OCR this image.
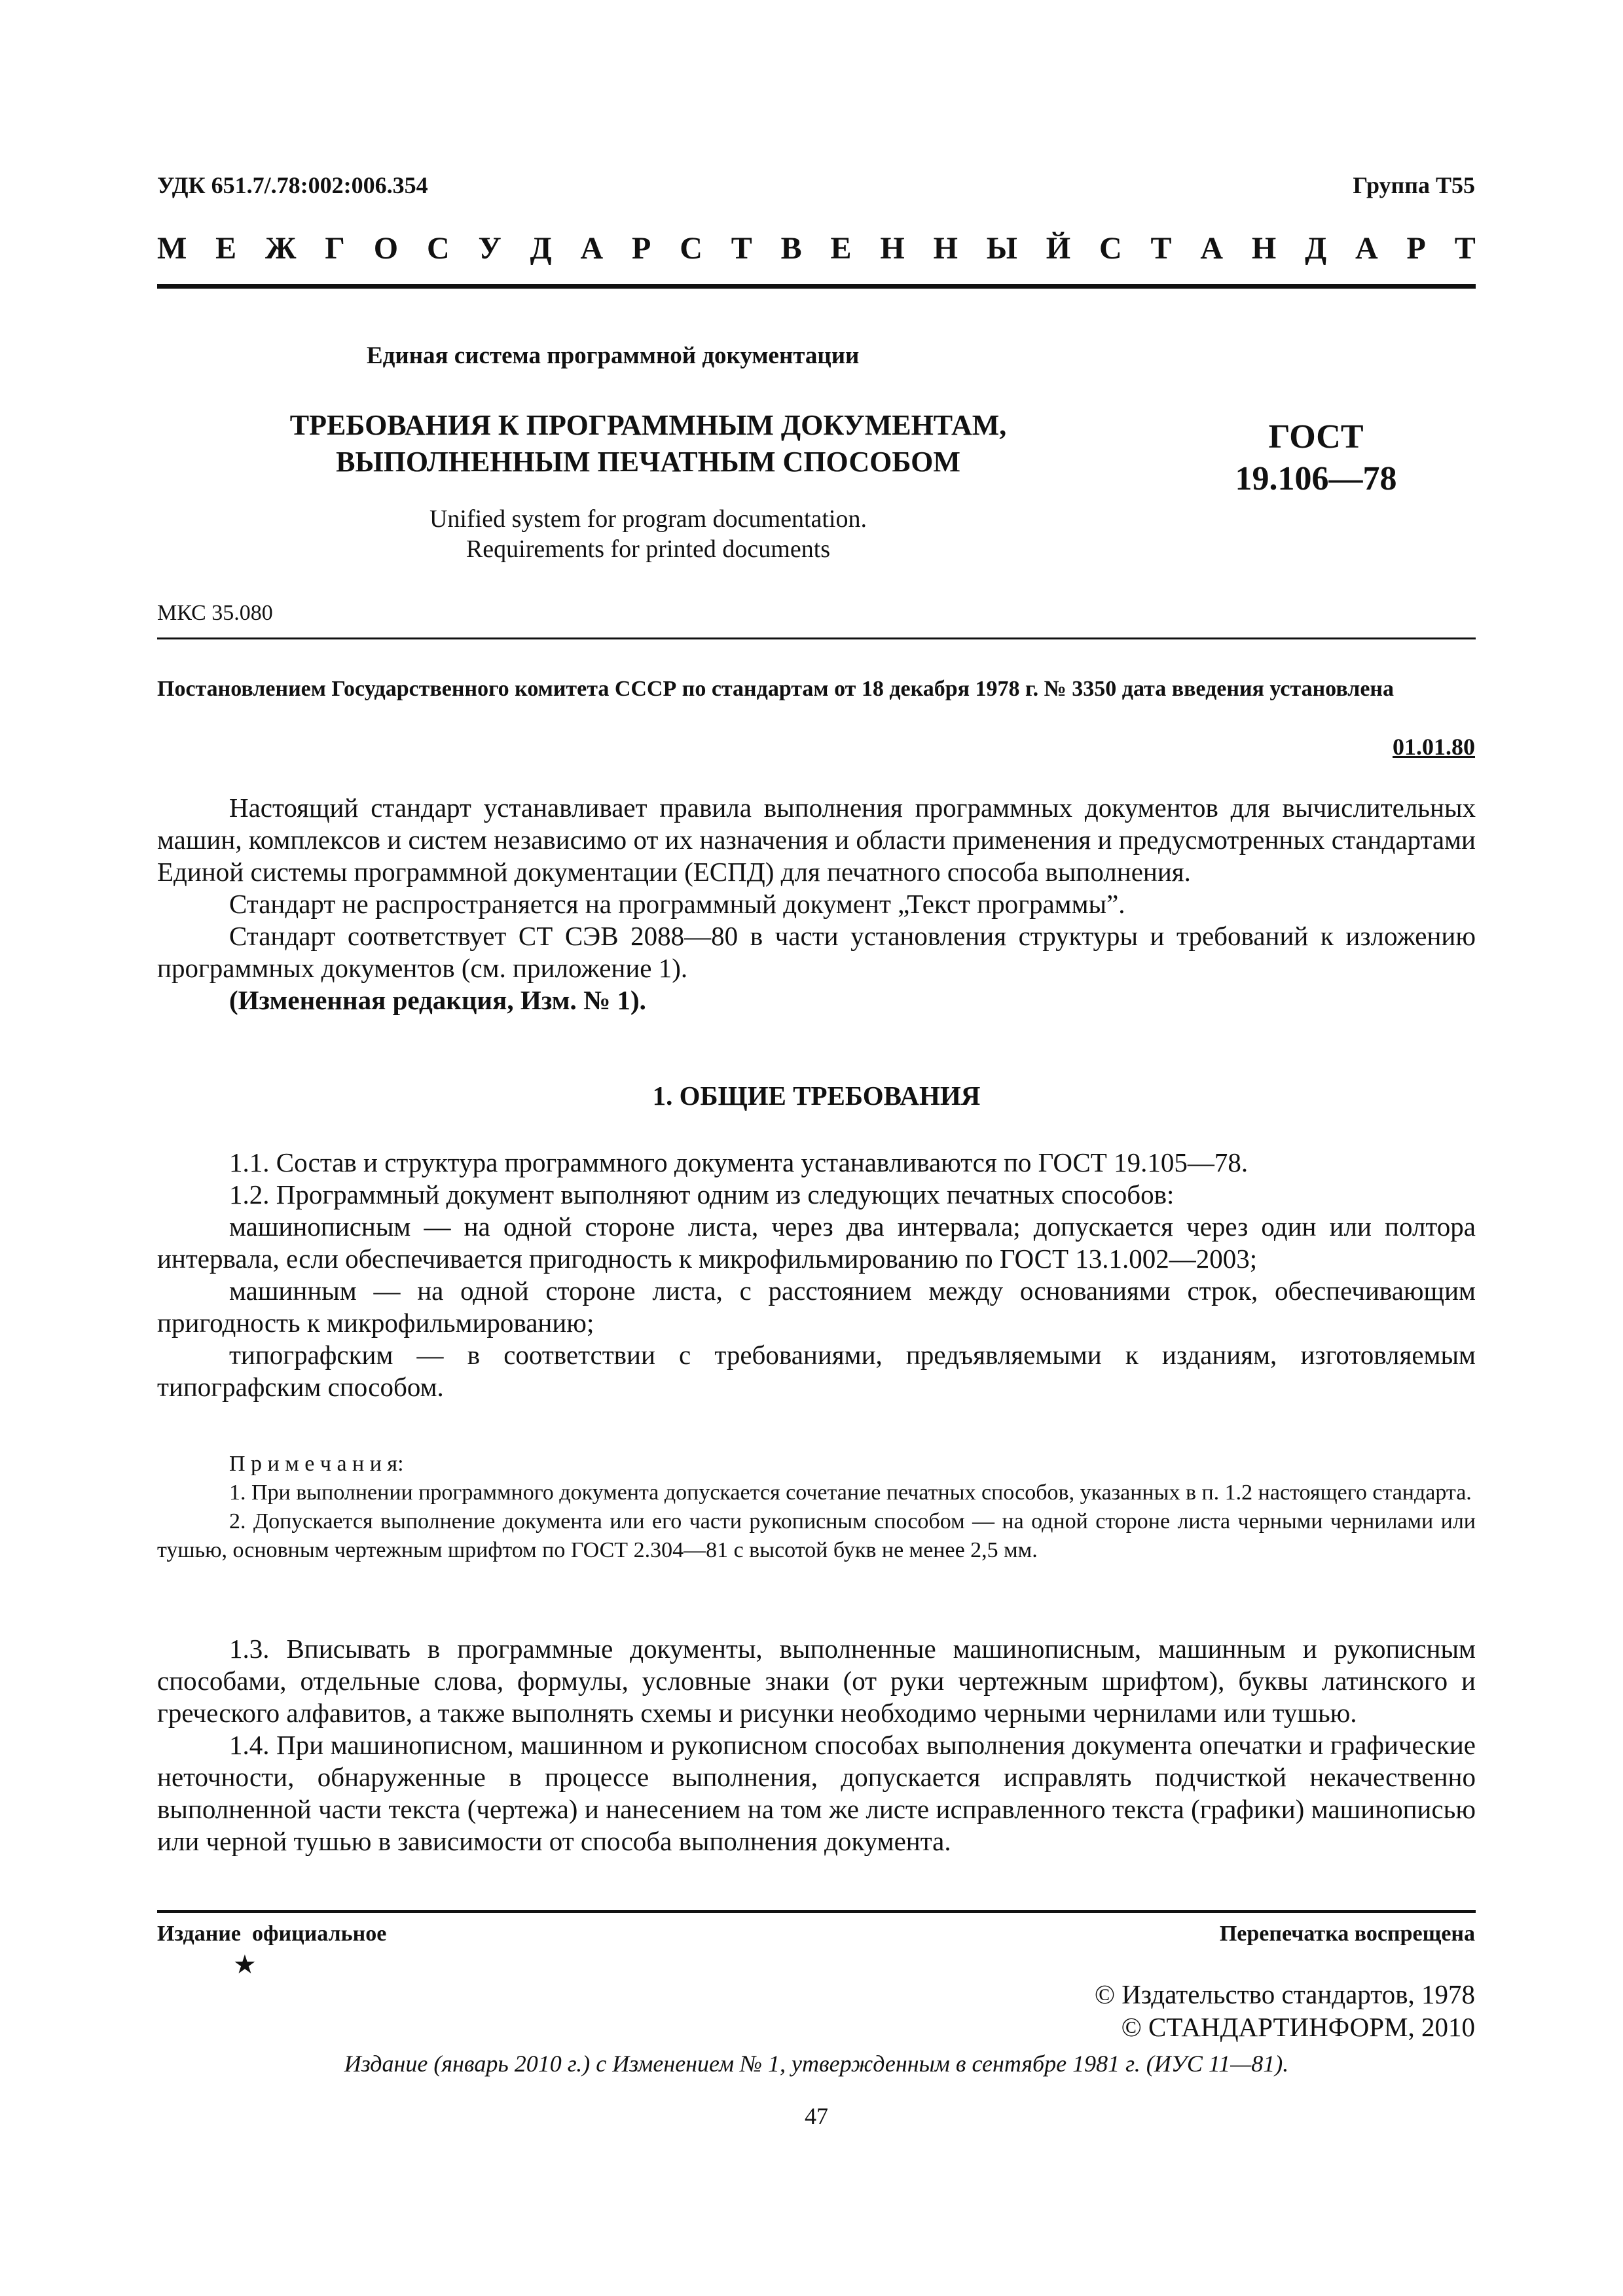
УДК 651.7/.78:002:006.354	Группа Т55
М Е Ж Г О С У Д А Р С Т В Е Н Н Ы Й С Т А Н Д А Р Т
Единая система программной документации
ТРЕБОВАНИЯ К ПРОГРАММНЫМ ДОКУМЕНТАМ,
ВЫПОЛНЕННЫМ ПЕЧАТНЫМ СПОСОБОМ
ГОСТ
19.106—78
Unified system for program documentation.
Requirements for printed documents
МКС 35.080
Постановлением Государственного комитета СССР по стандартам от 18 декабря 1978 г. № 3350 дата введения установлена
01.01.80

Настоящий стандарт устанавливает правила выполнения программных документов для вычислительных машин, комплексов и систем независимо от их назначения и области применения и предусмотренных стандартами Единой системы программной документации (ЕСПД) для печатного способа выполнения.

Стандарт не распространяется на программный документ „Текст программы”.

Стандарт соответствует СТ СЭВ 2088—80 в части установления структуры и требований к изложению программных документов (см. приложение 1).

(Измененная редакция, Изм. № 1).

1. ОБЩИЕ ТРЕБОВАНИЯ

1.1. Состав и структура программного документа устанавливаются по ГОСТ 19.105—78.

1.2. Программный документ выполняют одним из следующих печатных способов:

машинописным — на одной стороне листа, через два интервала; допускается через один или полтора интервала, если обеспечивается пригодность к микрофильмированию по ГОСТ 13.1.002—2003;

машинным — на одной стороне листа, с расстоянием между основаниями строк, обеспечивающим пригодность к микрофильмированию;

типографским — в соответствии с требованиями, предъявляемыми к изданиям, изготовляемым типографским способом.

П р и м е ч а н и я:

1. При выполнении программного документа допускается сочетание печатных способов, указанных в п. 1.2 настоящего стандарта.

2. Допускается выполнение документа или его части рукописным способом — на одной стороне листа черными чернилами или тушью, основным чертежным шрифтом по ГОСТ 2.304—81 с высотой букв не менее 2,5 мм.

1.3. Вписывать в программные документы, выполненные машинописным, машинным и рукописным способами, отдельные слова, формулы, условные знаки (от руки чертежным шрифтом), буквы латинского и греческого алфавитов, а также выполнять схемы и рисунки необходимо черными чернилами или тушью.

1.4. При машинописном, машинном и рукописном способах выполнения документа опечатки и графические неточности, обнаруженные в процессе выполнения, допускается исправлять подчисткой некачественно выполненной части текста (чертежа) и нанесением на том же листе исправленного текста (графики) машинописью или черной тушью в зависимости от способа выполнения документа.

Издание  официальное
★
Перепечатка воспрещена
© Издательство стандартов, 1978
© СТАНДАРТИНФОРМ, 2010
Издание (январь 2010 г.) с Изменением № 1, утвержденным в сентябре 1981 г. (ИУС 11—81).
47
